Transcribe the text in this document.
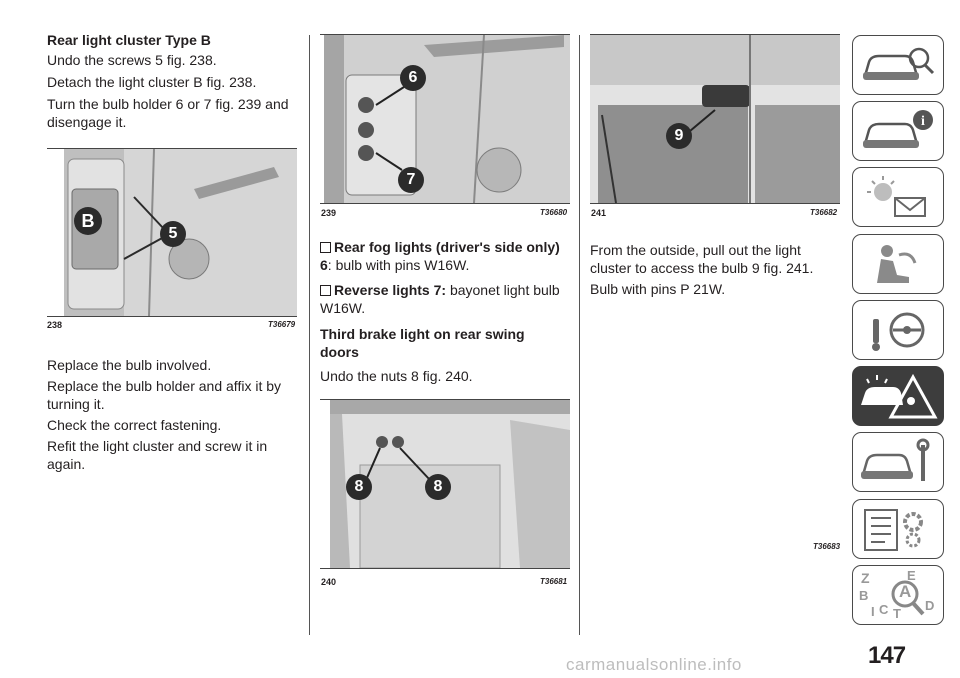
Rear light cluster Type B

Undo the screws 5 fig. 238.

Detach the light cluster B fig. 238.

Turn the bulb holder 6 or 7 fig. 239 and disengage it.

B
5
238	T36679

Replace the bulb involved.

Replace the bulb holder and affix it by turning it.

Check the correct fastening.

Refit the light cluster and screw it in again.

6
7
239	T36680

Rear fog lights (driver's side only)
6: bulb with pins W16W.

Reverse lights 7: bayonet light bulb W16W.

Third brake light on rear swing doors

Undo the nuts 8 fig. 240.

8	8
240	T36681
9
241	T36682

From the outside, pull out the light cluster to access the bulb 9 fig. 241.

Bulb with pins P 21W.

i
T36683
Z	E
B A
C	D
T
I
147
carmanualsonline.info
